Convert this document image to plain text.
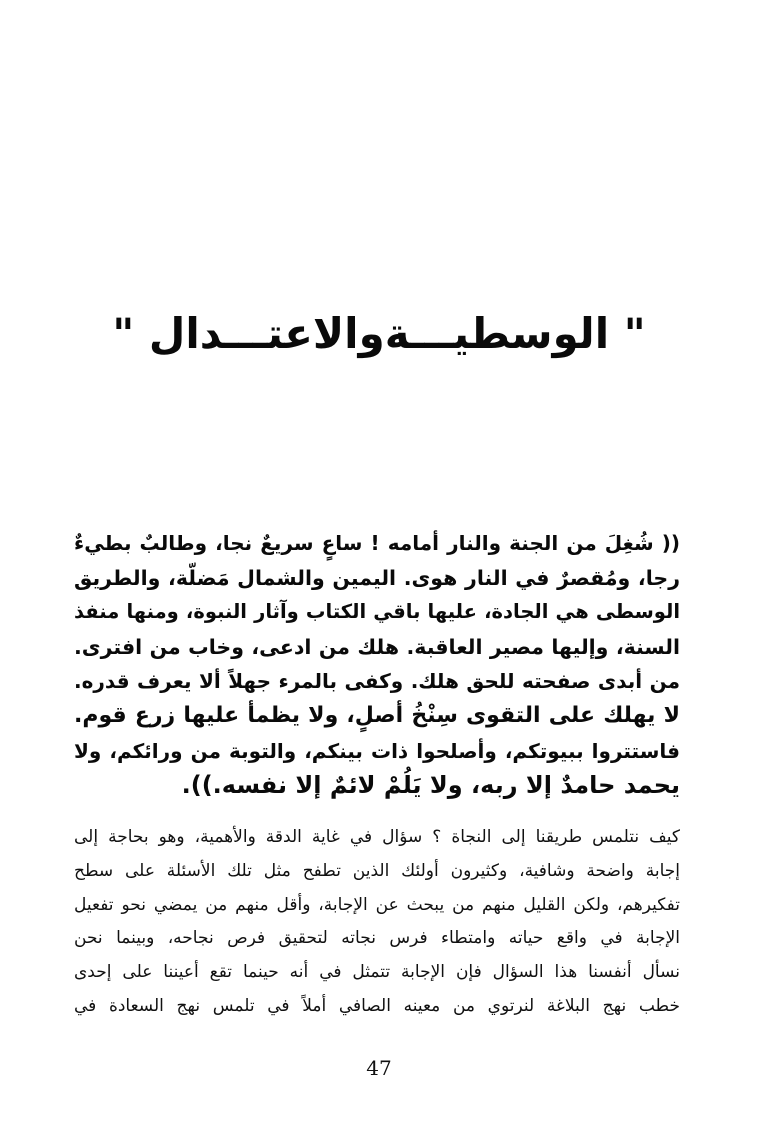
" الوسطيـــةوالاعتـــدال "
(( شُغِلَ من الجنة والنار أمامه ! ساعٍ سريعٌ نجا، وطالبٌ بطيءٌ
رجا، ومُقصرٌ في النار هوى. اليمين والشمال مَضلّة، والطريق
الوسطى هي الجادة، عليها باقي الكتاب وآثار النبوة، ومنها منفذ
السنة، وإليها مصير العاقبة. هلك من ادعى، وخاب من افترى.
من أبدى صفحته للحق هلك. وكفى بالمرء جهلاً ألا يعرف قدره.
لا يهلك على التقوى سِنْخُ أصلٍ، ولا يظمأ عليها زرع قوم.
فاستتروا ببيوتكم، وأصلحوا ذات بينكم، والتوبة من ورائكم، ولا
يحمد حامدٌ إلا ربه، ولا يَلُمْ لائمٌ إلا نفسه.)).
كيف نتلمس طريقنا إلى النجاة ؟ سؤال في غاية الدقة والأهمية، وهو بحاجة إلى
إجابة واضحة وشافية، وكثيرون أولئك الذين تطفح مثل تلك الأسئلة على سطح
تفكيرهم، ولكن القليل منهم من يبحث عن الإجابة، وأقل منهم من يمضي نحو تفعيل
الإجابة في واقع حياته وامتطاء فرس نجاته لتحقيق فرص نجاحه، وبينما نحن
نسأل أنفسنا هذا السؤال فإن الإجابة تتمثل في أنه حينما تقع أعيننا على إحدى
خطب نهج البلاغة لنرتوي من معينه الصافي أملاً في تلمس نهج السعادة في
47
